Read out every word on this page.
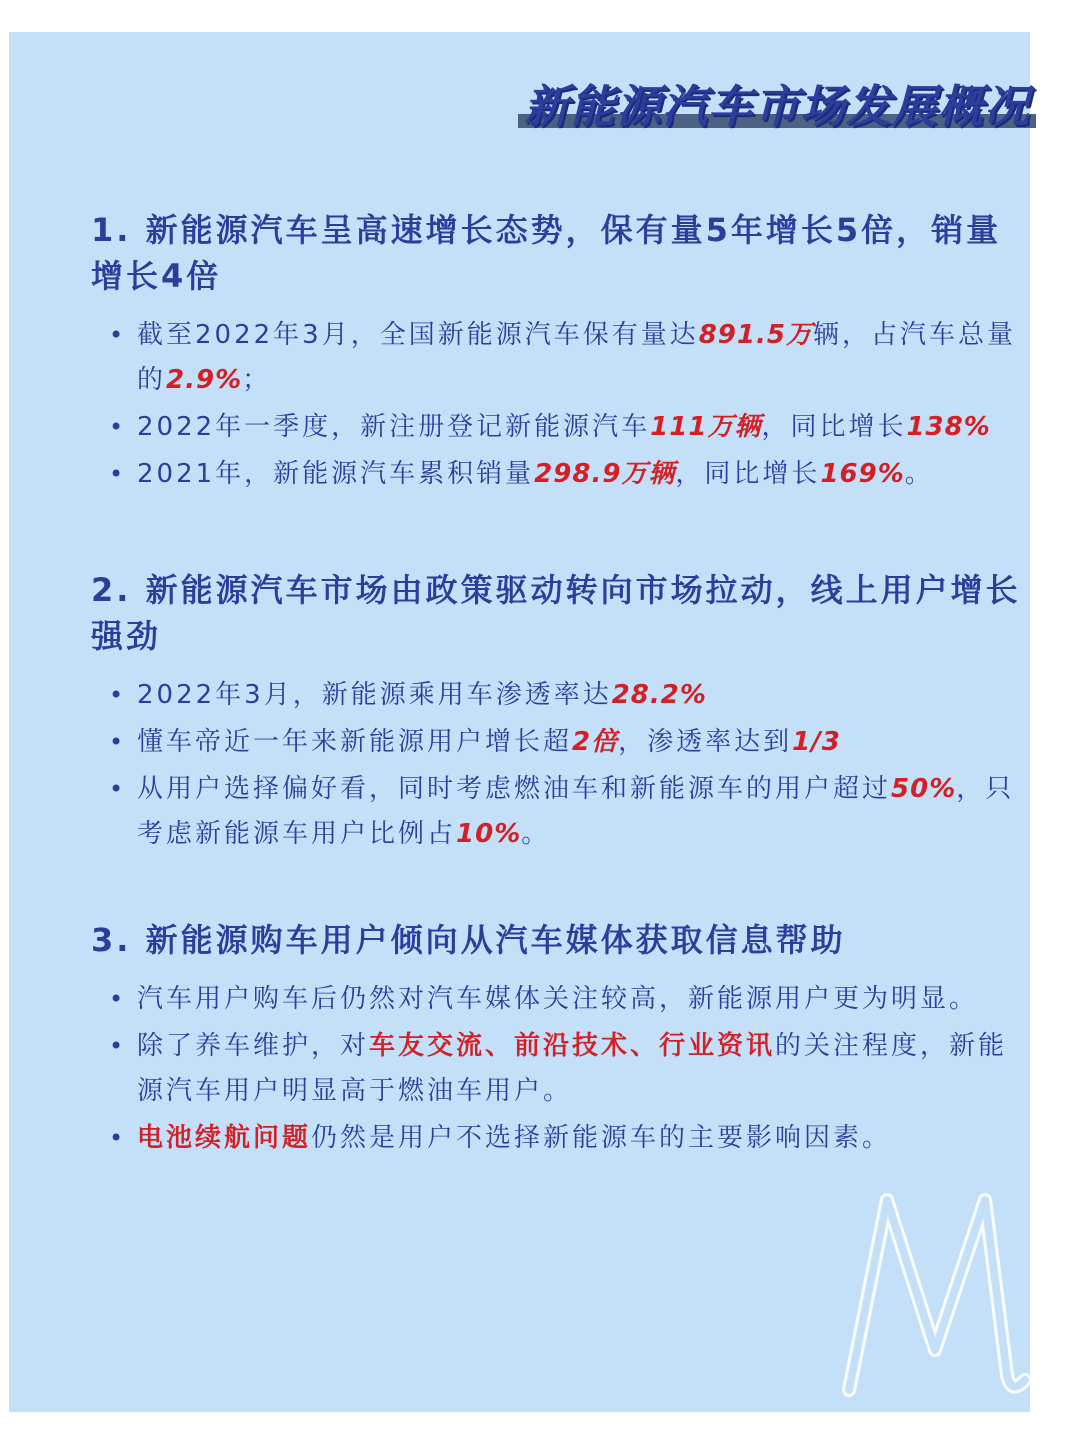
新能源汽车市场发展概况
1. 新能源汽车呈高速增长态势，保有量5年增长5倍，销量增长4倍
• 截至2022年3月，全国新能源汽车保有量达891.5万辆，占汽车总量的2.9%；
• 2022年一季度，新注册登记新能源汽车111万辆，同比增长138%
• 2021年，新能源汽车累积销量298.9万辆，同比增长169%。
2. 新能源汽车市场由政策驱动转向市场拉动，线上用户增长强劲
• 2022年3月，新能源乘用车渗透率达28.2%
• 懂车帝近一年来新能源用户增长超2倍，渗透率达到1/3
• 从用户选择偏好看，同时考虑燃油车和新能源车的用户超过50%，只考虑新能源车用户比例占10%。
3. 新能源购车用户倾向从汽车媒体获取信息帮助
• 汽车用户购车后仍然对汽车媒体关注较高，新能源用户更为明显。
• 除了养车维护，对车友交流、前沿技术、行业资讯的关注程度，新能源汽车用户明显高于燃油车用户。
• 电池续航问题仍然是用户不选择新能源车的主要影响因素。
